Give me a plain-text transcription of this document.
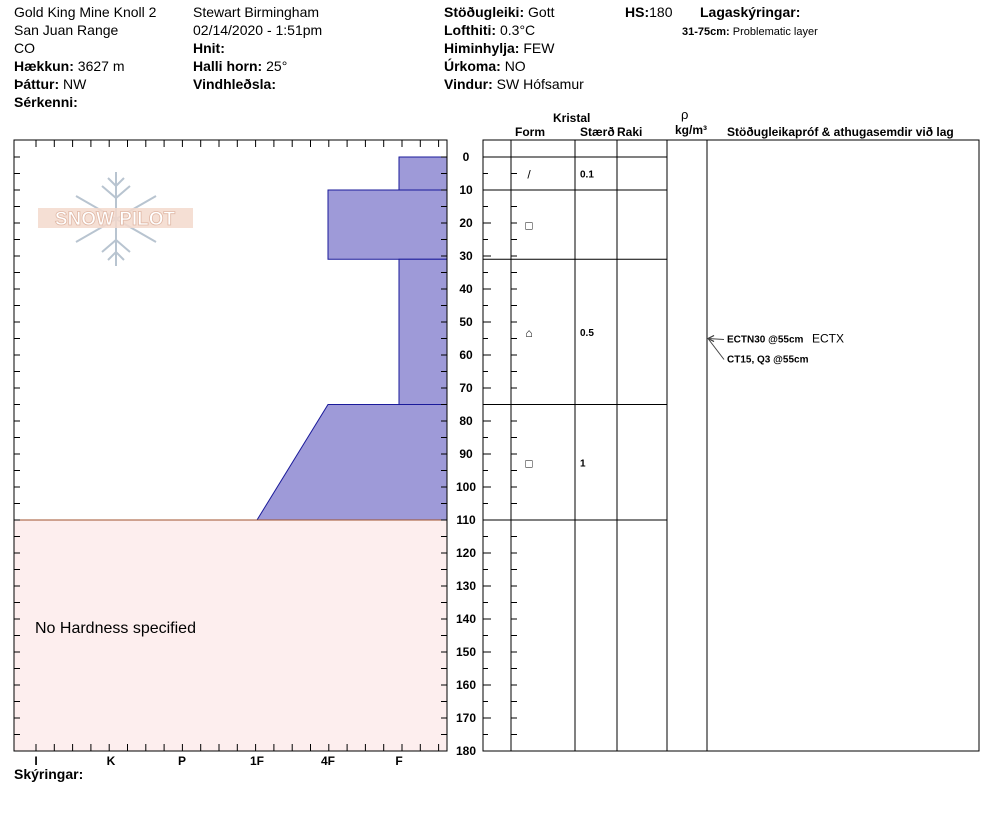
Gold King Mine Knoll 2
San Juan Range
CO
Hækkun: 3627 m
Þáttur: NW
Sérkenni:
Stewart Birmingham
02/14/2020 - 1:51pm
Hnit:
Halli horn: 25°
Vindhleðsla:
Stöðugleiki: Gott
Lofthiti: 0.3°C
Himinhylja: FEW
Úrkoma: NO
Vindur: SW Hófsamur
HS:180 Lagaskýringar:
31-75cm: Problematic layer
Kristal
Form	Stærð Raki
ρ
kg/m³ Stöðugleikapróf & athugasemdir við lag
SNOW PILOT
I	K	P	1F	4F	F
0
10
20
30
40
50
60
70
80
90
100
110
120
130
140
150
160
170
180
/	0.1
□
⌂	0.5
□	1
ECTN30 @55cm ECTX
CT15, Q3 @55cm
No Hardness specified
Skýringar:
